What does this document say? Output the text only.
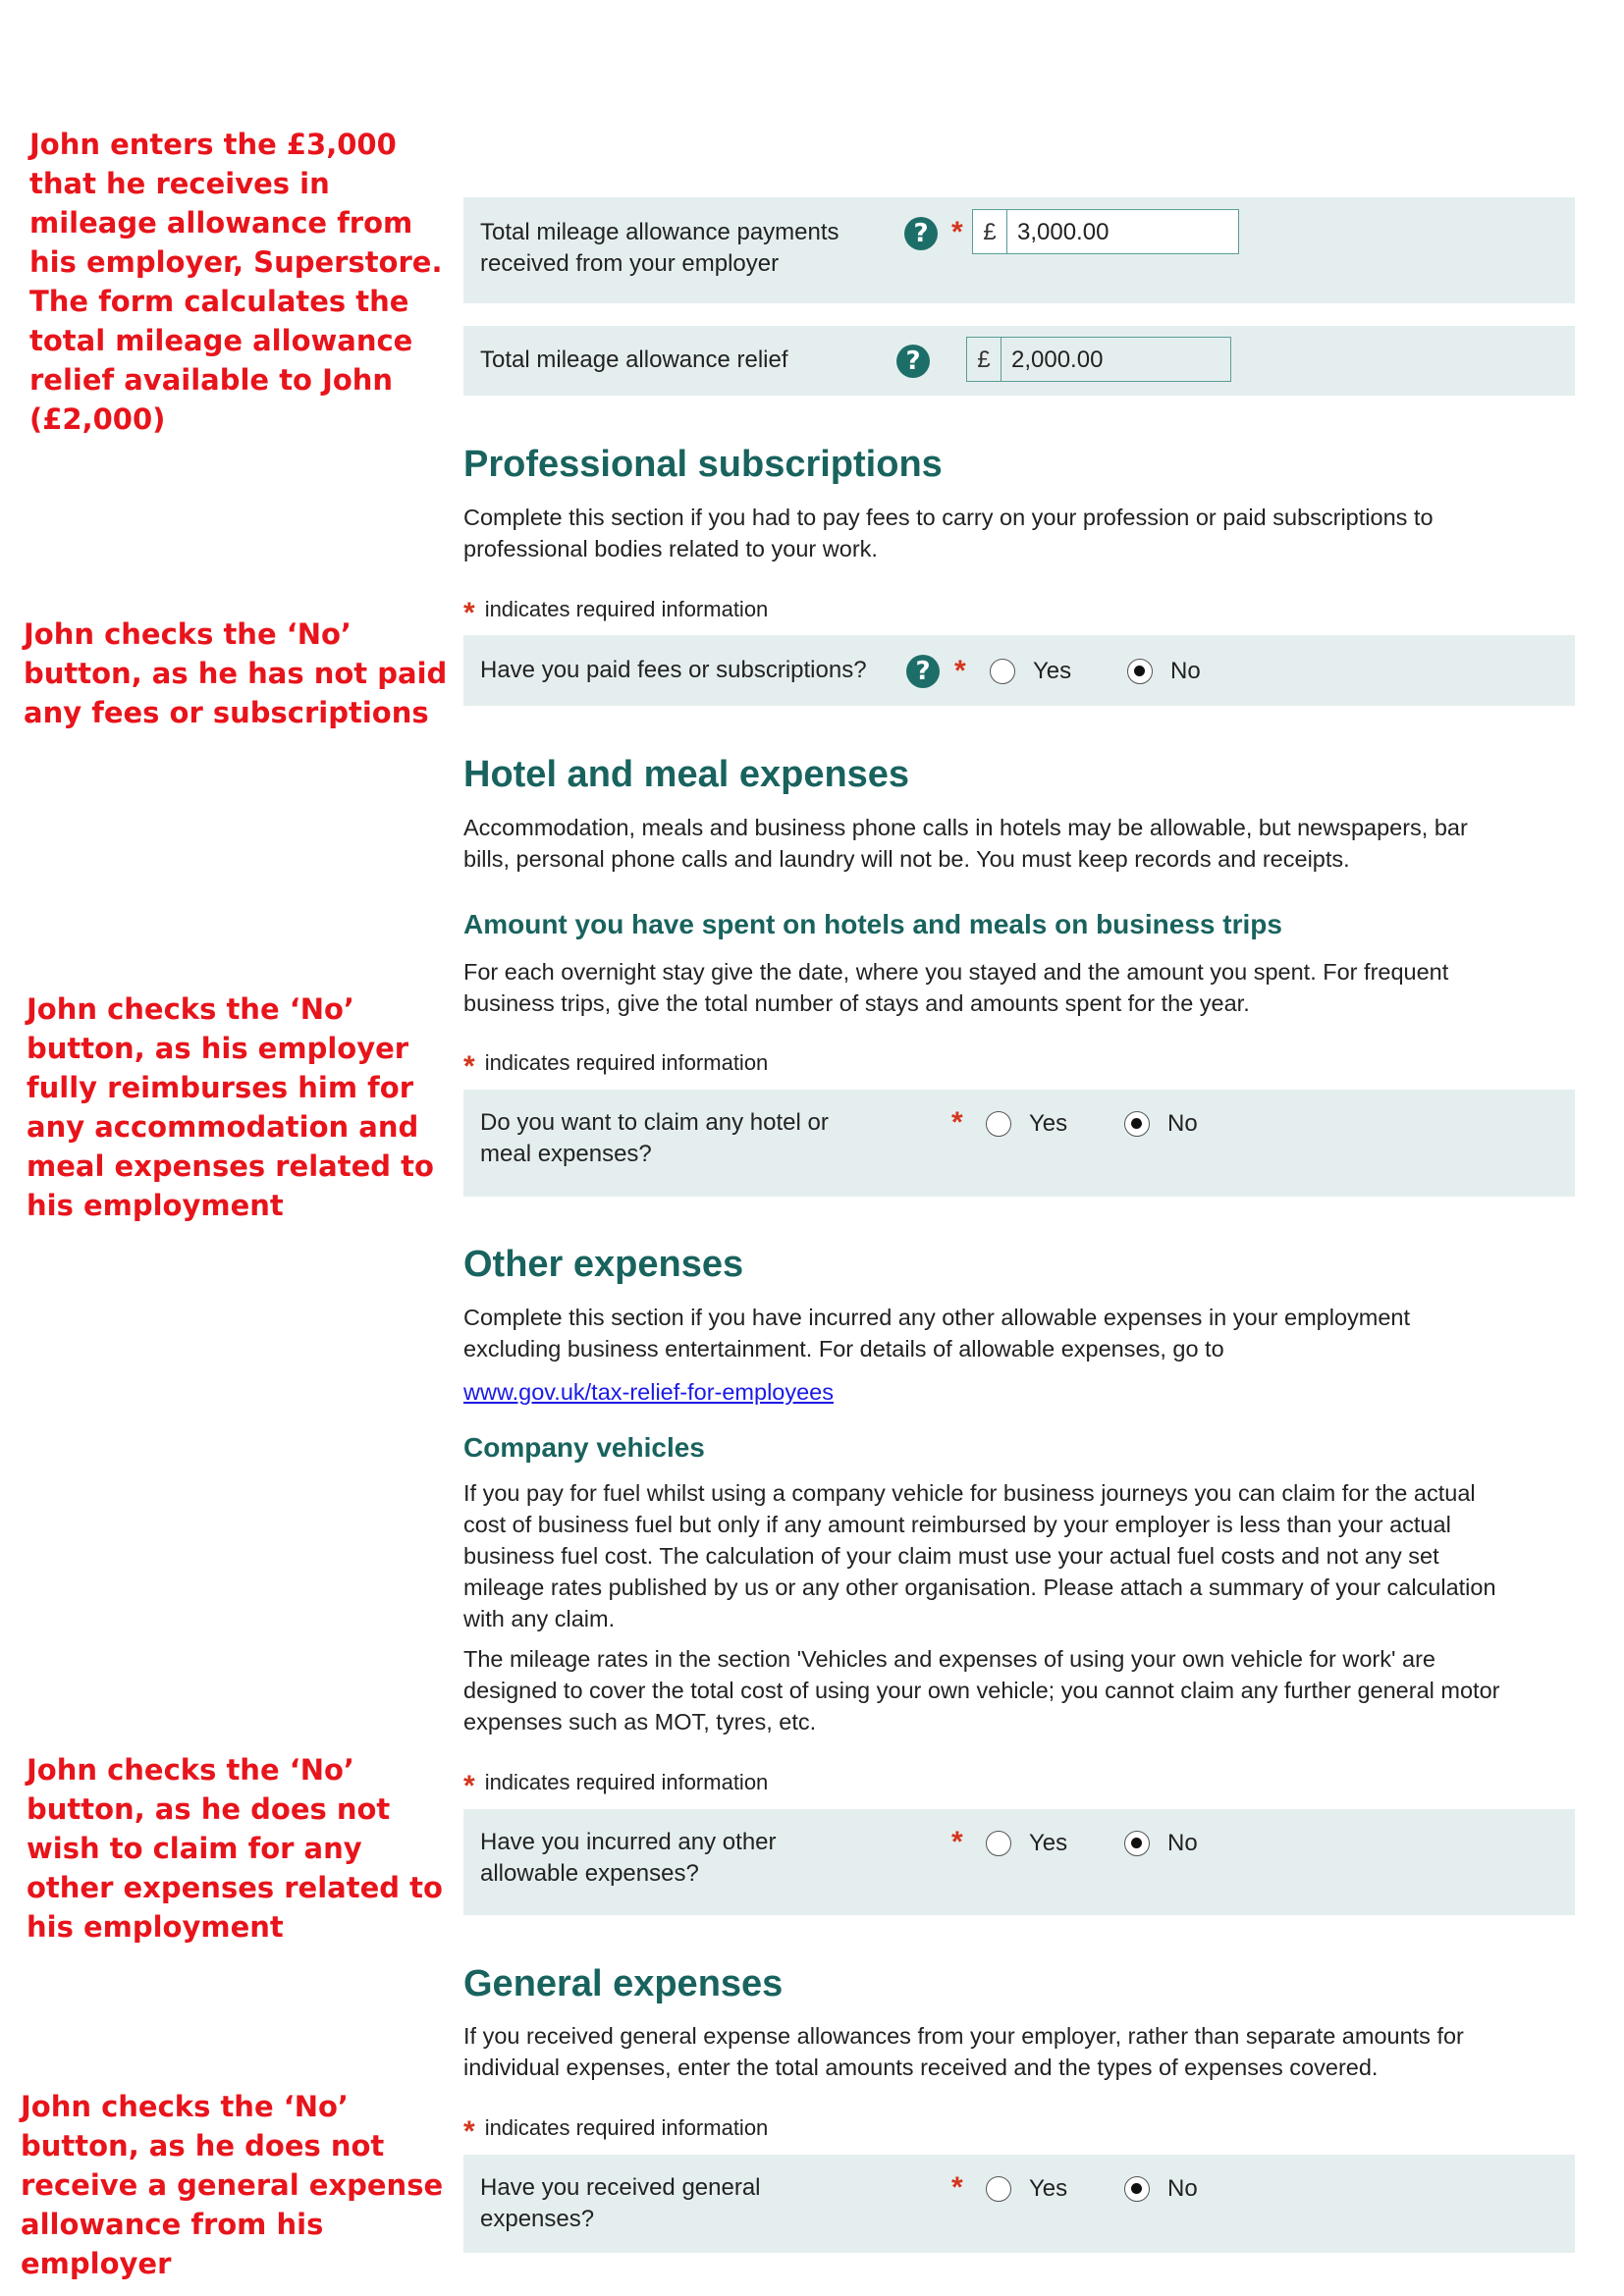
John enters the £3,000 that he receives in mileage allowance from his employer, Superstore. The form calculates the total mileage allowance relief available to John (£2,000)
John checks the ‘No’ button, as he has not paid any fees or subscriptions
John checks the ‘No’ button, as his employer fully reimburses him for any accommodation and meal expenses related to his employment
John checks the ‘No’ button, as he does not wish to claim for any other expenses related to his employment
John checks the ‘No’ button, as he does not receive a general expense allowance from his employer
Total mileage allowance payments
received from your employer
? * £ 3,000.00
Total mileage allowance relief	?	£ 2,000.00
Professional subscriptions
Complete this section if you had to pay fees to carry on your profession or paid subscriptions to
professional bodies related to your work.
* indicates required information
Have you paid fees or subscriptions?	? *	Yes	No
Hotel and meal expenses
Accommodation, meals and business phone calls in hotels may be allowable, but newspapers, bar
bills, personal phone calls and laundry will not be. You must keep records and receipts.
Amount you have spent on hotels and meals on business trips
For each overnight stay give the date, where you stayed and the amount you spent. For frequent
business trips, give the total number of stays and amounts spent for the year.
* indicates required information
Do you want to claim any hotel or
meal expenses?
*	Yes	No
Other expenses
Complete this section if you have incurred any other allowable expenses in your employment
excluding business entertainment. For details of allowable expenses, go to
www.gov.uk/tax-relief-for-employees
Company vehicles
If you pay for fuel whilst using a company vehicle for business journeys you can claim for the actual
cost of business fuel but only if any amount reimbursed by your employer is less than your actual
business fuel cost. The calculation of your claim must use your actual fuel costs and not any set
mileage rates published by us or any other organisation. Please attach a summary of your calculation
with any claim.
The mileage rates in the section 'Vehicles and expenses of using your own vehicle for work' are
designed to cover the total cost of using your own vehicle; you cannot claim any further general motor
expenses such as MOT, tyres, etc.
* indicates required information
Have you incurred any other
allowable expenses?
*	Yes	No
General expenses
If you received general expense allowances from your employer, rather than separate amounts for
individual expenses, enter the total amounts received and the types of expenses covered.
* indicates required information
Have you received general
expenses?
*	Yes	No
